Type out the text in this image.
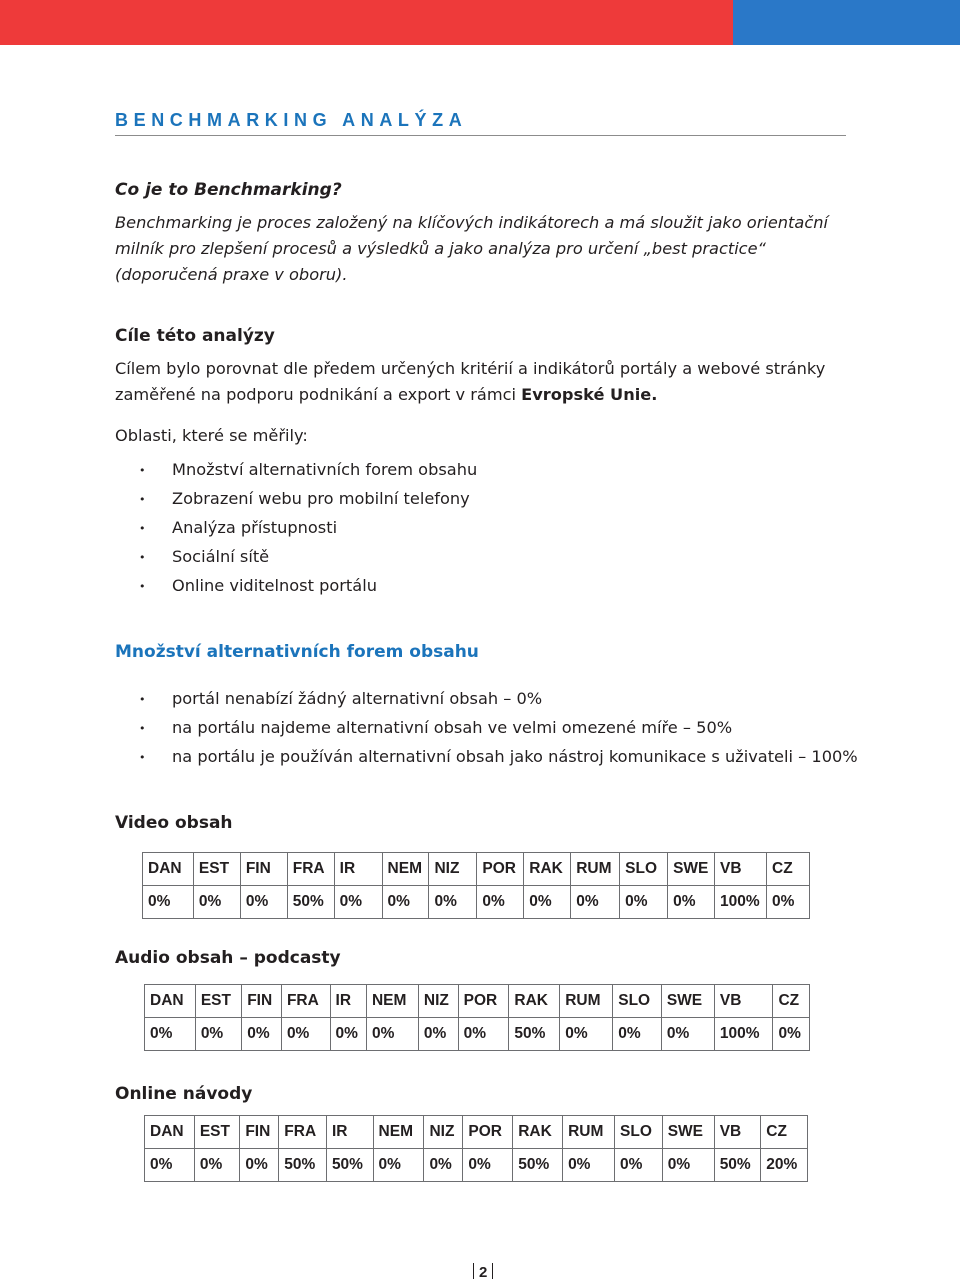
BENCHMARKING ANALÝZA
Co je to Benchmarking?
Benchmarking je proces založený na klíčových indikátorech a má sloužit jako orientační milník pro zlepšení procesů a výsledků a jako analýza pro určení „best practice“ (doporučená praxe v oboru).
Cíle této analýzy
Cílem bylo porovnat dle předem určených kritérií a indikátorů portály a webové stránky zaměřené na podporu podnikání a export v rámci Evropské Unie.
Oblasti, které se měřily:
• Množství alternativních forem obsahu
• Zobrazení webu pro mobilní telefony
• Analýza přístupnosti
• Sociální sítě
• Online viditelnost portálu
Množství alternativních forem obsahu
• portál nenabízí žádný alternativní obsah – 0%
• na portálu najdeme alternativní obsah ve velmi omezené míře – 50%
• na portálu je používán alternativní obsah jako nástroj komunikace s uživateli – 100%
Video obsah
DAN	EST	FIN	FRA	IR	NEM	NIZ	POR	RAK	RUM	SLO	SWE	VB	CZ
0%	0%	0%	50%	0%	0%	0%	0%	0%	0%	0%	0%	100%	0%
Audio obsah – podcasty
DAN	EST	FIN	FRA	IR	NEM	NIZ	POR	RAK	RUM	SLO	SWE	VB	CZ
0%	0%	0%	0%	0%	0%	0%	0%	50%	0%	0%	0%	100%	0%
Online návody
DAN	EST	FIN	FRA	IR	NEM	NIZ	POR	RAK	RUM	SLO	SWE	VB	CZ
0%	0%	0%	50%	50%	0%	0%	0%	50%	0%	0%	0%	50%	20%
2
